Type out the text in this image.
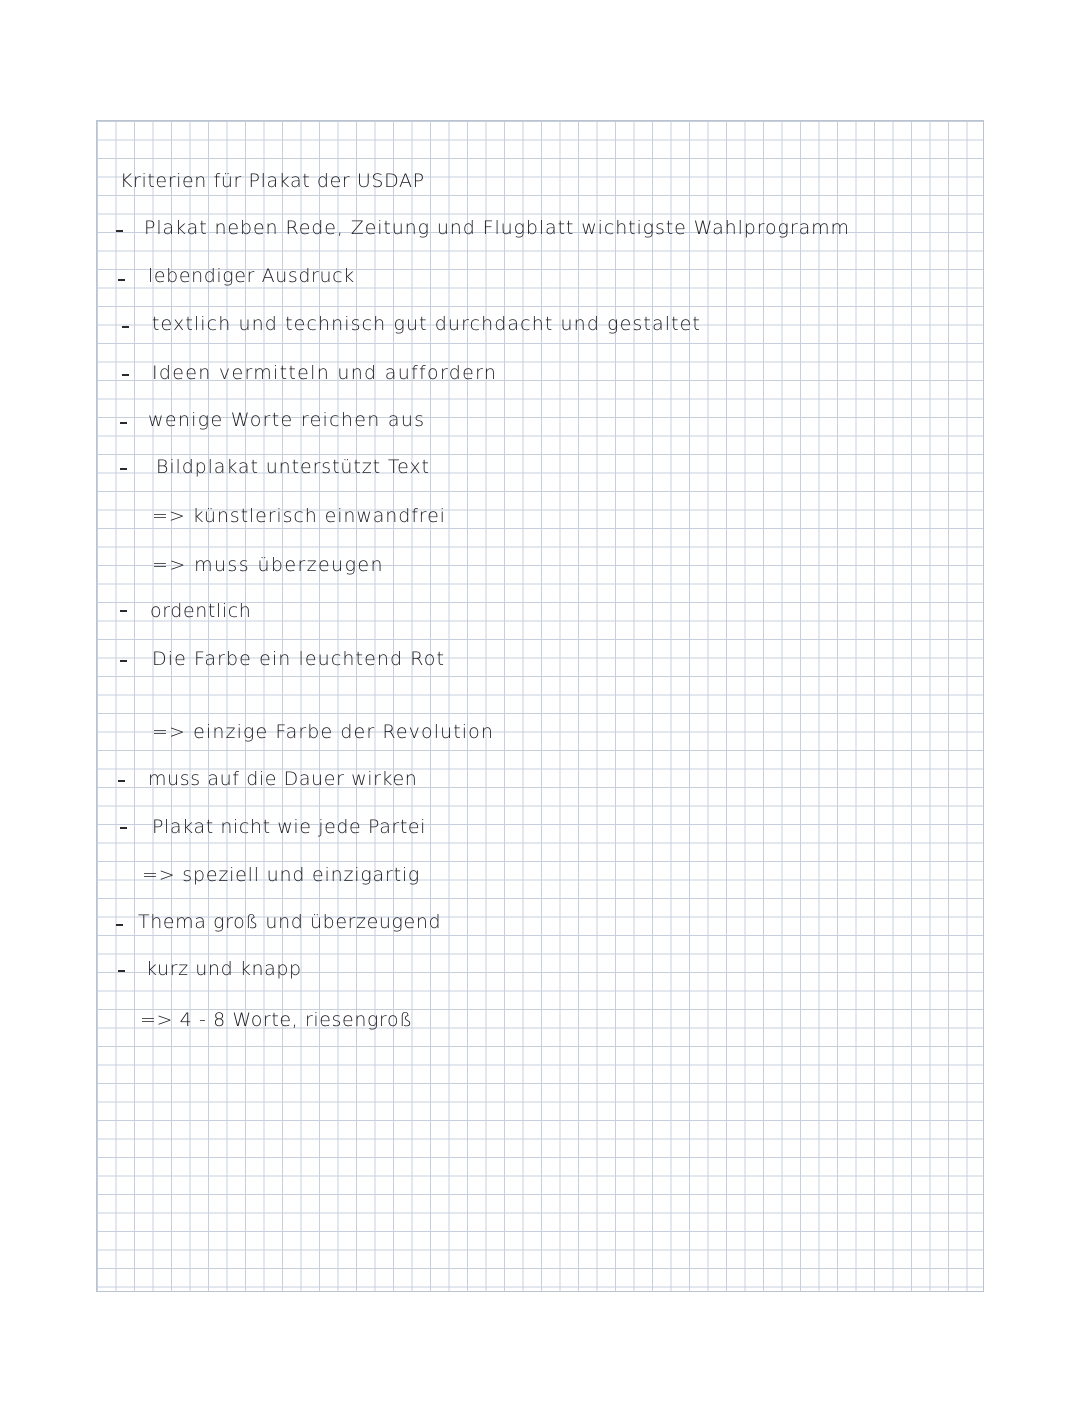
Kriterien für Plakat der USDAP

Plakat neben Rede, Zeitung und Flugblatt wichtigste Wahlprogramm

lebendiger Ausdruck

textlich und technisch gut durchdacht und gestaltet

Ideen vermitteln und auffordern

wenige Worte reichen aus

Bildplakat unterstützt Text

=> künstlerisch einwandfrei

=> muss überzeugen

ordentlich

Die Farbe ein leuchtend Rot

=> einzige Farbe der Revolution

muss auf die Dauer wirken

Plakat nicht wie jede Partei

=> speziell und einzigartig

Thema groß und überzeugend

kurz und knapp

=> 4 - 8 Worte, riesengroß
